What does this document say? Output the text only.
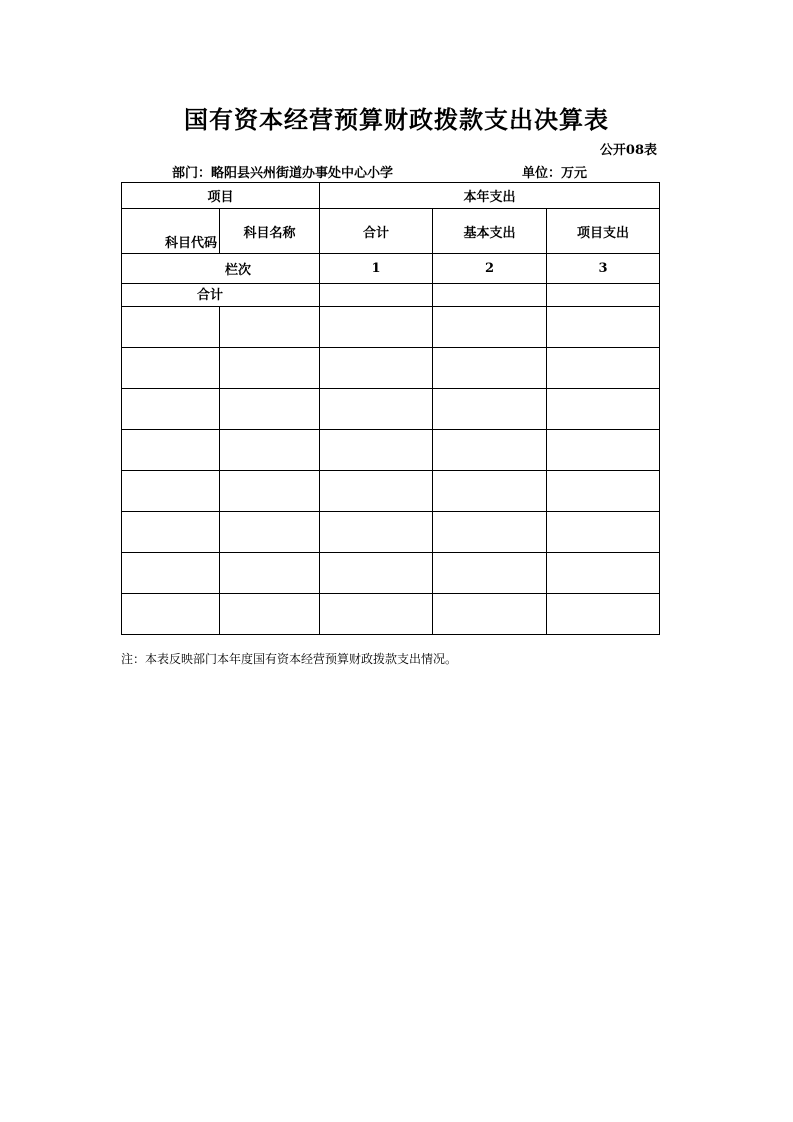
国有资本经营预算财政拨款支出决算表
公开08表
部门：略阳县兴州街道办事处中心小学	单位：万元
项目		本年支出		
科目代码	科目名称	合计	基本支出	项目支出
栏次		1	2	3
合计				

注：本表反映部门本年度国有资本经营预算财政拨款支出情况。
